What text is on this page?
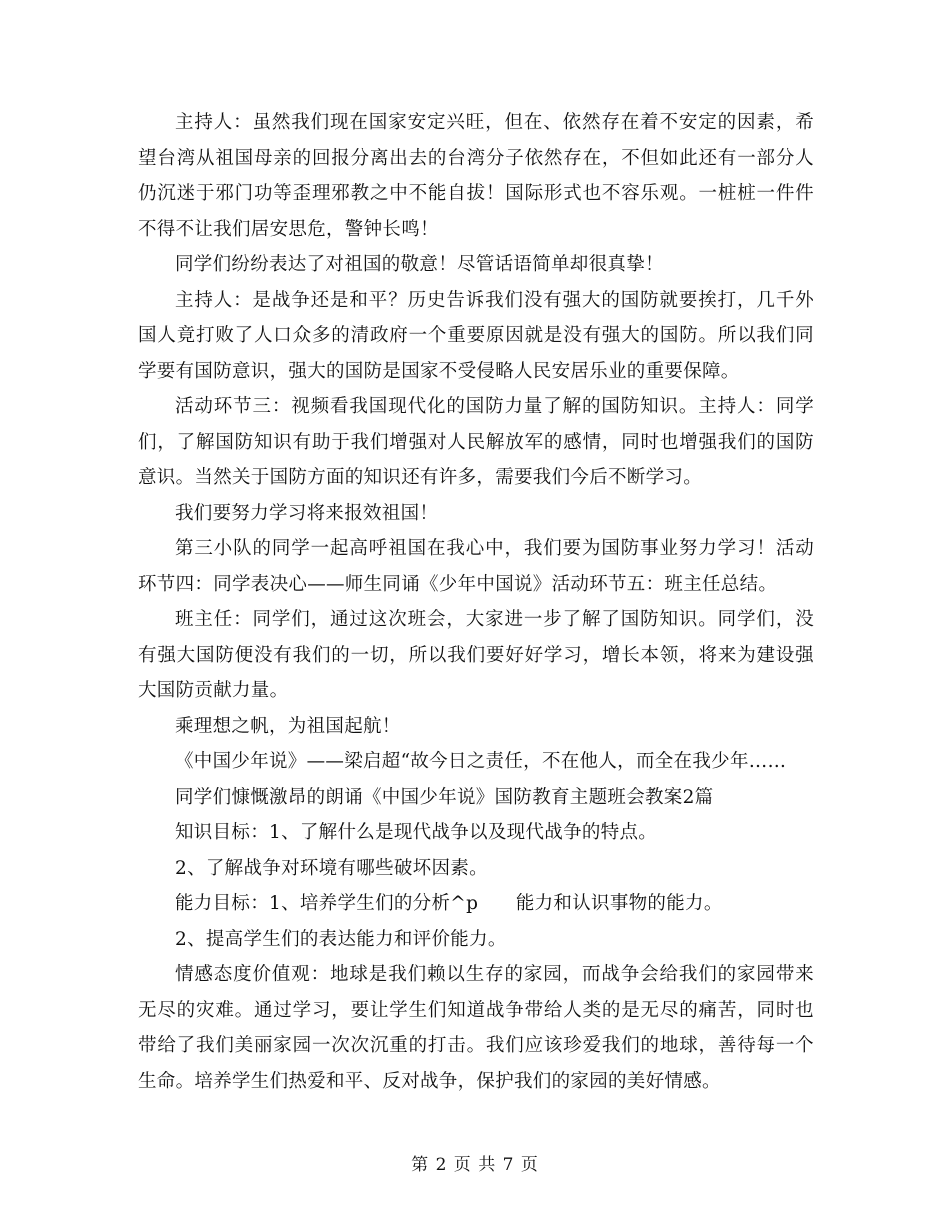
主持人：虽然我们现在国家安定兴旺，但在、依然存在着不安定的因素，希望台湾从祖国母亲的回报分离出去的台湾分子依然存在，不但如此还有一部分人仍沉迷于邪门功等歪理邪教之中不能自拔！国际形式也不容乐观。一桩桩一件件不得不让我们居安思危，警钟长鸣！

同学们纷纷表达了对祖国的敬意！尽管话语简单却很真挚！

主持人：是战争还是和平？历史告诉我们没有强大的国防就要挨打，几千外国人竟打败了人口众多的清政府一个重要原因就是没有强大的国防。所以我们同学要有国防意识，强大的国防是国家不受侵略人民安居乐业的重要保障。

活动环节三：视频看我国现代化的国防力量了解的国防知识。主持人：同学们，了解国防知识有助于我们增强对人民解放军的感情，同时也增强我们的国防意识。当然关于国防方面的知识还有许多，需要我们今后不断学习。

我们要努力学习将来报效祖国！

第三小队的同学一起高呼祖国在我心中，我们要为国防事业努力学习！活动环节四：同学表决心——师生同诵《少年中国说》活动环节五：班主任总结。

班主任：同学们，通过这次班会，大家进一步了解了国防知识。同学们，没有强大国防便没有我们的一切，所以我们要好好学习，增长本领，将来为建设强大国防贡献力量。

乘理想之帆，为祖国起航！

《中国少年说》——梁启超“故今日之责任，不在他人，而全在我少年……

同学们慷慨激昂的朗诵《中国少年说》国防教育主题班会教案2篇

知识目标：1、了解什么是现代战争以及现代战争的特点。

2、了解战争对环境有哪些破坏因素。

能力目标：1、培养学生们的分析^p　　能力和认识事物的能力。

2、提高学生们的表达能力和评价能力。

情感态度价值观：地球是我们赖以生存的家园，而战争会给我们的家园带来无尽的灾难。通过学习，要让学生们知道战争带给人类的是无尽的痛苦，同时也带给了我们美丽家园一次次沉重的打击。我们应该珍爱我们的地球，善待每一个生命。培养学生们热爱和平、反对战争，保护我们的家园的美好情感。

第 2 页 共 7 页
